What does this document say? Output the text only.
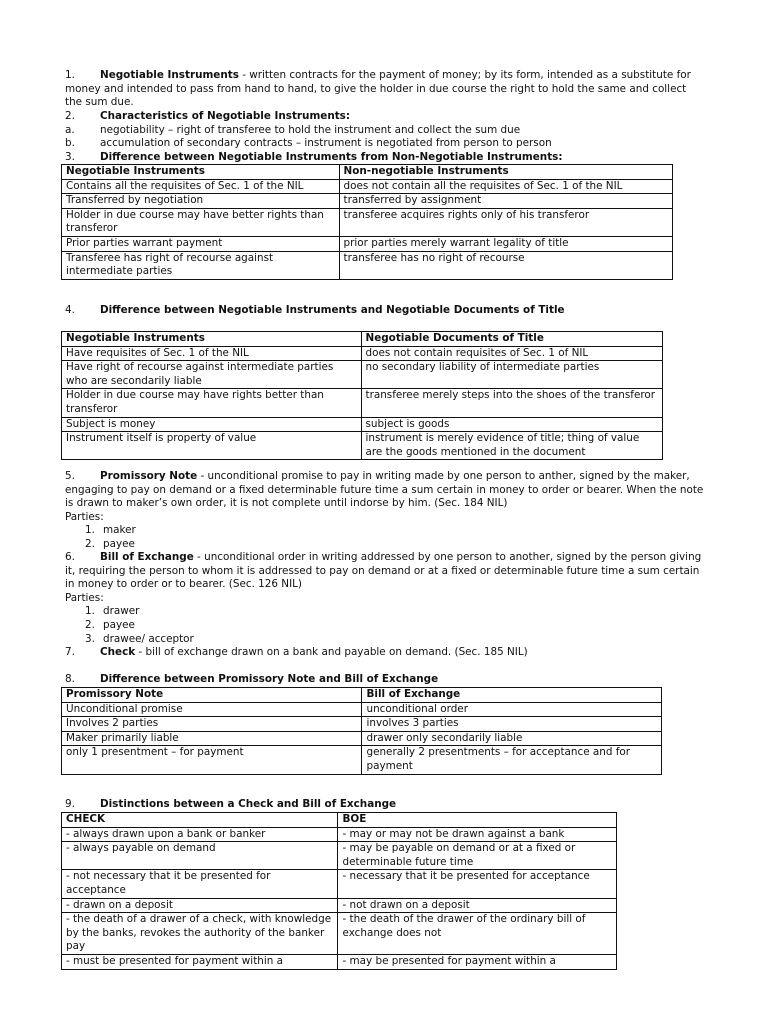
1. Negotiable Instruments - written contracts for the payment of money; by its form, intended as a substitute for money and intended to pass from hand to hand, to give the holder in due course the right to hold the same and collect the sum due.
2. Characteristics of Negotiable Instruments:
a. negotiability – right of transferee to hold the instrument and collect the sum due
b. accumulation of secondary contracts – instrument is negotiated from person to person
3. Difference between Negotiable Instruments from Non-Negotiable Instruments:
Negotiable Instruments	Non-negotiable Instruments
Contains all the requisites of Sec. 1 of the NIL	does not contain all the requisites of Sec. 1 of the NIL
Transferred by negotiation	transferred by assignment
Holder in due course may have better rights than transferor	transferee acquires rights only of his transferor
Prior parties warrant payment	prior parties merely warrant legality of title
Transferee has right of recourse against intermediate parties	transferee has no right of recourse
4. Difference between Negotiable Instruments and Negotiable Documents of Title
Negotiable Instruments	Negotiable Documents of Title
Have requisites of Sec. 1 of the NIL	does not contain requisites of Sec. 1 of NIL
Have right of recourse against intermediate parties who are secondarily liable	no secondary liability of intermediate parties
Holder in due course may have rights better than transferor	transferee merely steps into the shoes of the transferor
Subject is money	subject is goods
Instrument itself is property of value	instrument is merely evidence of title; thing of value are the goods mentioned in the document
5. Promissory Note - unconditional promise to pay in writing made by one person to anther, signed by the maker, engaging to pay on demand or a fixed determinable future time a sum certain in money to order or bearer. When the note is drawn to maker’s own order, it is not complete until indorse by him. (Sec. 184 NIL)
Parties:
1. maker
2. payee
6. Bill of Exchange - unconditional order in writing addressed by one person to another, signed by the person giving it, requiring the person to whom it is addressed to pay on demand or at a fixed or determinable future time a sum certain in money to order or to bearer. (Sec. 126 NIL)
Parties:
1. drawer
2. payee
3. drawee/ acceptor
7. Check - bill of exchange drawn on a bank and payable on demand. (Sec. 185 NIL)
8. Difference between Promissory Note and Bill of Exchange
Promissory Note	Bill of Exchange
Unconditional promise	unconditional order
Involves 2 parties	involves 3 parties
Maker primarily liable	drawer only secondarily liable
only 1 presentment – for payment	generally 2 presentments – for acceptance and for payment
9. Distinctions between a Check and Bill of Exchange
CHECK	BOE
- always drawn upon a bank or banker	- may or may not be drawn against a bank
- always payable on demand	- may be payable on demand or at a fixed or determinable future time
- not necessary that it be presented for acceptance	- necessary that it be presented for acceptance
- drawn on a deposit	- not drawn on a deposit
- the death of a drawer of a check, with knowledge by the banks, revokes the authority of the banker pay	- the death of the drawer of the ordinary bill of exchange does not
- must be presented for payment within a	- may be presented for payment within a
